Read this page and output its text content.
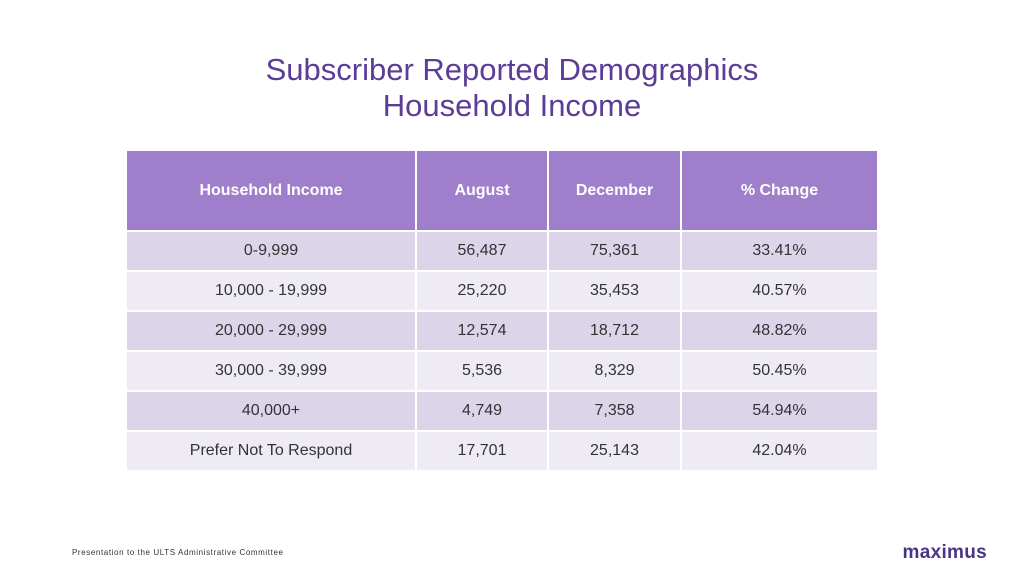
Subscriber Reported Demographics
Household Income
Household Income	August	December	% Change
0-9,999	56,487	75,361	33.41%
10,000 - 19,999	25,220	35,453	40.57%
20,000 - 29,999	12,574	18,712	48.82%
30,000 - 39,999	5,536	8,329	50.45%
40,000+	4,749	7,358	54.94%
Prefer Not To Respond	17,701	25,143	42.04%
Presentation to the ULTS Administrative Committee	maximus
